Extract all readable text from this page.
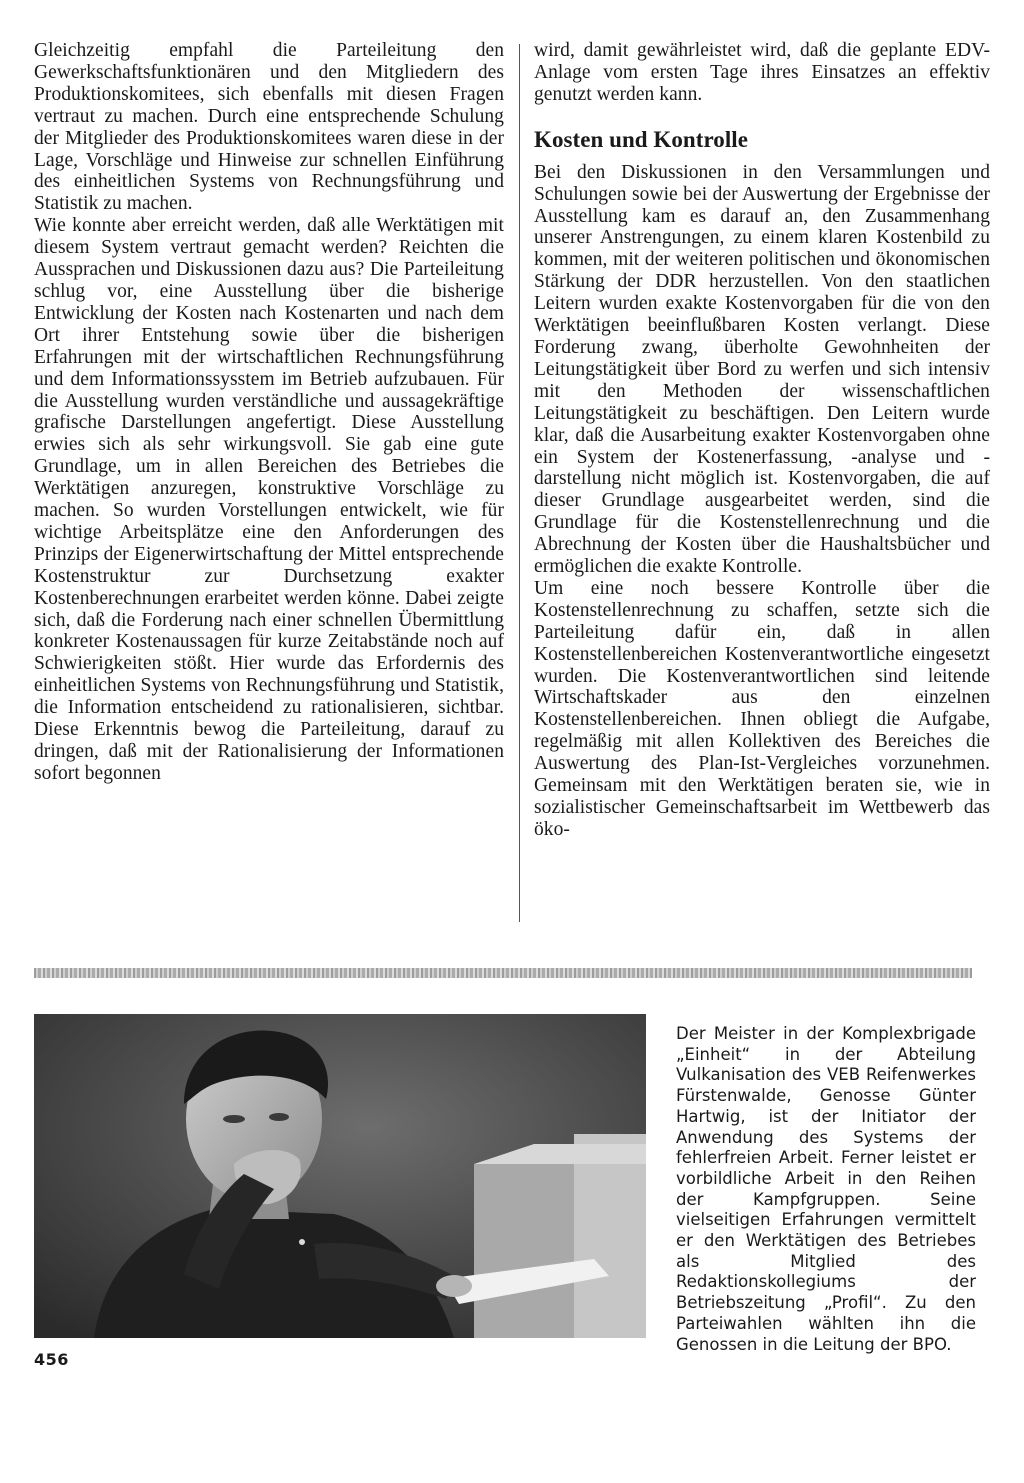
Gleichzeitig empfahl die Parteileitung den Gewerkschaftsfunktionären und den Mitgliedern des Produktionskomitees, sich ebenfalls mit diesen Fragen vertraut zu machen. Durch eine entsprechende Schulung der Mitglieder des Produktionskomitees waren diese in der Lage, Vorschläge und Hinweise zur schnellen Einführung des einheitlichen Systems von Rechnungsführung und Statistik zu machen.

Wie konnte aber erreicht werden, daß alle Werktätigen mit diesem System vertraut gemacht werden? Reichten die Aussprachen und Diskussionen dazu aus? Die Parteileitung schlug vor, eine Ausstellung über die bisherige Entwicklung der Kosten nach Kostenarten und nach dem Ort ihrer Entstehung sowie über die bisherigen Erfahrungen mit der wirtschaftlichen Rechnungsführung und dem Informationssysstem im Betrieb aufzubauen. Für die Ausstellung wurden verständliche und aussagekräftige grafische Darstellungen angefertigt. Diese Ausstellung erwies sich als sehr wirkungsvoll. Sie gab eine gute Grundlage, um in allen Bereichen des Betriebes die Werktätigen anzuregen, konstruktive Vorschläge zu machen. So wurden Vorstellungen entwickelt, wie für wichtige Arbeitsplätze eine den Anforderungen des Prinzips der Eigenerwirtschaftung der Mittel entsprechende Kostenstruktur zur Durchsetzung exakter Kostenberechnungen erarbeitet werden könne. Dabei zeigte sich, daß die Forderung nach einer schnellen Übermittlung konkreter Kostenaussagen für kurze Zeitabstände noch auf Schwierigkeiten stößt. Hier wurde das Erfordernis des einheitlichen Systems von Rechnungsführung und Statistik, die Information entscheidend zu rationalisieren, sichtbar. Diese Erkenntnis bewog die Parteileitung, darauf zu dringen, daß mit der Rationalisierung der Informationen sofort begonnen

wird, damit gewährleistet wird, daß die geplante EDV-Anlage vom ersten Tage ihres Einsatzes an effektiv genutzt werden kann.

Kosten und Kontrolle

Bei den Diskussionen in den Versammlungen und Schulungen sowie bei der Auswertung der Ergebnisse der Ausstellung kam es darauf an, den Zusammenhang unserer Anstrengungen, zu einem klaren Kostenbild zu kommen, mit der weiteren politischen und ökonomischen Stärkung der DDR herzustellen. Von den staatlichen Leitern wurden exakte Kostenvorgaben für die von den Werktätigen beeinflußbaren Kosten verlangt. Diese Forderung zwang, überholte Gewohnheiten der Leitungstätigkeit über Bord zu werfen und sich intensiv mit den Methoden der wissenschaftlichen Leitungstätigkeit zu beschäftigen. Den Leitern wurde klar, daß die Ausarbeitung exakter Kostenvorgaben ohne ein System der Kostenerfassung, -analyse und -darstellung nicht möglich ist. Kostenvorgaben, die auf dieser Grundlage ausgearbeitet werden, sind die Grundlage für die Kostenstellenrechnung und die Abrechnung der Kosten über die Haushaltsbücher und ermöglichen die exakte Kontrolle.

Um eine noch bessere Kontrolle über die Kostenstellenrechnung zu schaffen, setzte sich die Parteileitung dafür ein, daß in allen Kostenstellenbereichen Kostenverantwortliche eingesetzt wurden. Die Kostenverantwortlichen sind leitende Wirtschaftskader aus den einzelnen Kostenstellenbereichen. Ihnen obliegt die Aufgabe, regelmäßig mit allen Kollektiven des Bereiches die Auswertung des Plan-Ist-Vergleiches vorzunehmen. Gemeinsam mit den Werktätigen beraten sie, wie in sozialistischer Gemeinschaftsarbeit im Wettbewerb das öko-

Der Meister in der Komplexbrigade „Einheit“ in der Abteilung Vulkanisation des VEB Reifenwerkes Fürstenwalde, Genosse Günter Hartwig, ist der Initiator der Anwendung des Systems der fehlerfreien Arbeit. Ferner leistet er vorbildliche Arbeit in den Reihen der Kampfgruppen. Seine vielseitigen Erfahrungen vermittelt er den Werktätigen des Betriebes als Mitglied des Redaktionskollegiums der Betriebszeitung „Profil“. Zu den Parteiwahlen wählten ihn die Genossen in die Leitung der BPO.
456
